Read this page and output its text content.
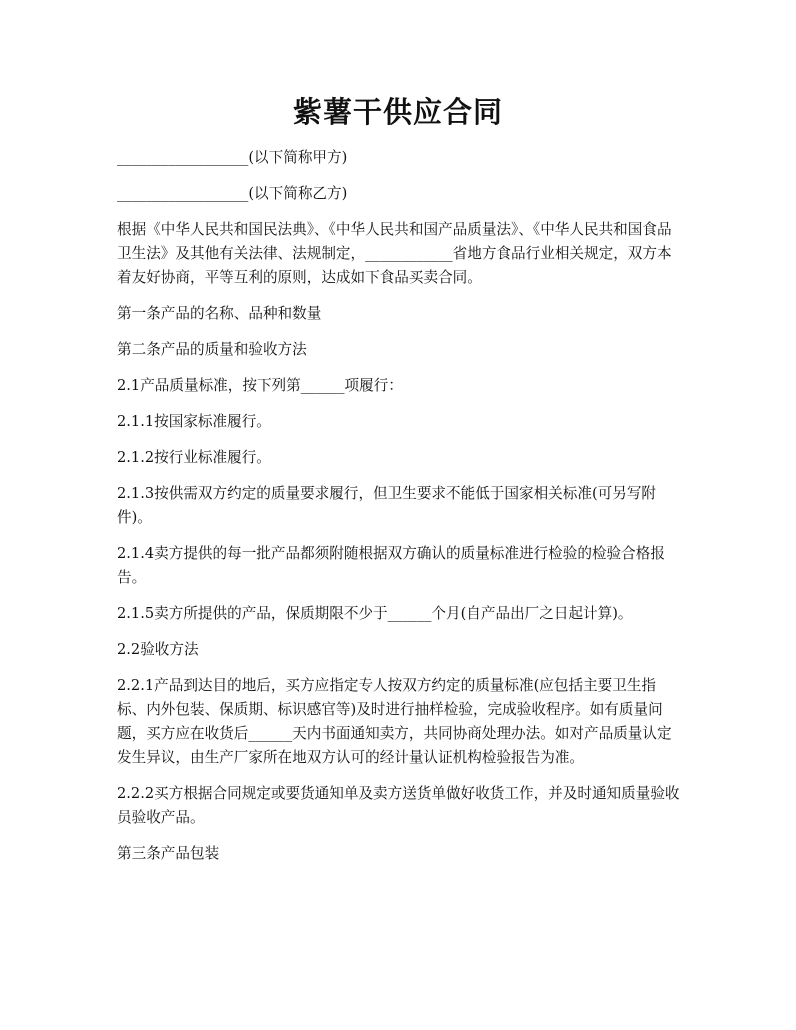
紫薯干供应合同

__________________(以下简称甲方)

__________________(以下简称乙方)

根据《中华人民共和国民法典》、《中华人民共和国产品质量法》、《中华人民共和国食品卫生法》及其他有关法律、法规制定，____________省地方食品行业相关规定，双方本着友好协商，平等互利的原则，达成如下食品买卖合同。

第一条产品的名称、品种和数量

第二条产品的质量和验收方法

2.1产品质量标准，按下列第______项履行：

2.1.1按国家标准履行。

2.1.2按行业标准履行。

2.1.3按供需双方约定的质量要求履行，但卫生要求不能低于国家相关标准(可另写附件)。

2.1.4卖方提供的每一批产品都须附随根据双方确认的质量标准进行检验的检验合格报告。

2.1.5卖方所提供的产品，保质期限不少于______个月(自产品出厂之日起计算)。

2.2验收方法

2.2.1产品到达目的地后，买方应指定专人按双方约定的质量标准(应包括主要卫生指标、内外包装、保质期、标识感官等)及时进行抽样检验，完成验收程序。如有质量问题，买方应在收货后______天内书面通知卖方，共同协商处理办法。如对产品质量认定发生异议，由生产厂家所在地双方认可的经计量认证机构检验报告为准。

2.2.2买方根据合同规定或要货通知单及卖方送货单做好收货工作，并及时通知质量验收员验收产品。

第三条产品包装
